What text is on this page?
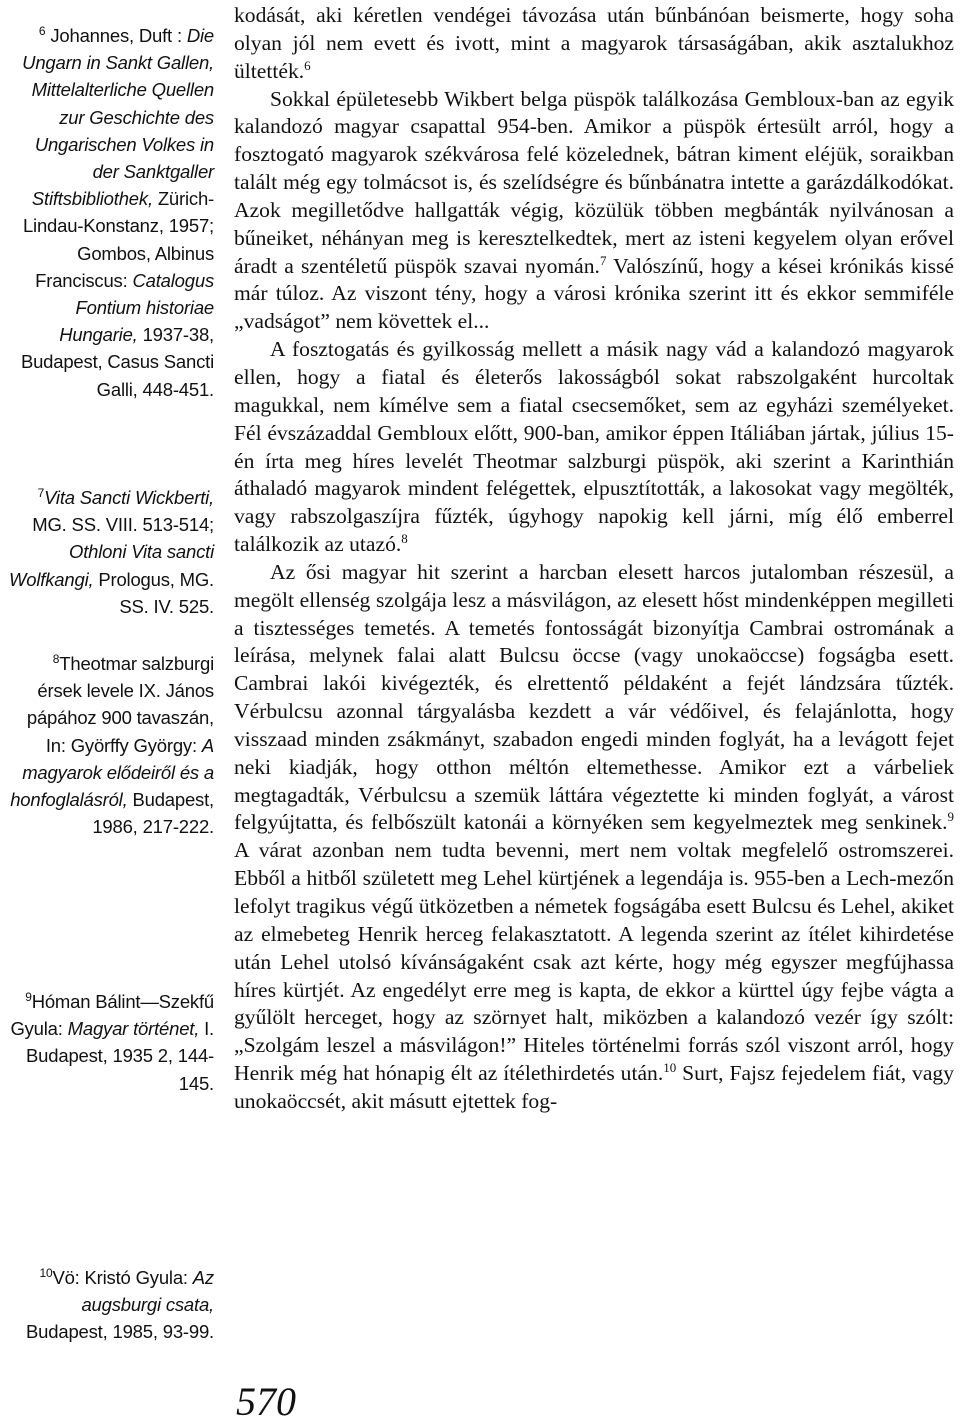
$^6$ Johannes, Duft : Die Ungarn in Sankt Gallen, Mittelalterliche Quellen zur Geschichte des Ungarischen Volkes in der Sanktgaller Stiftsbibliothek, Zürich-Lindau-Konstanz, 1957; Gombos, Albinus Franciscus: Catalogus Fontium historiae Hungarie, 1937-38, Budapest, Casus Sancti Galli, 448-451.

$^7$Vita Sancti Wickberti, MG. SS. VIII. 513-514; Othloni Vita sancti Wolfkangi, Prologus, MG. SS. IV. 525.

$^8$Theotmar salzburgi érsek levele IX. János pápához 900 tavaszán, In: Györffy György: A magyarok elődeiről és a honfoglalásról, Budapest, 1986, 217-222.

$^9$Hóman Bálint—Szekfű Gyula: Magyar történet, I. Budapest, 1935 2, 144-145.

$^{10}$Vö: Kristó Gyula: Az augsburgi csata, Budapest, 1985, 93-99.

kodását, aki kéretlen vendégei távozása után bűnbánóan beismerte, hogy soha olyan jól nem evett és ivott, mint a magyarok társaságában, akik asztalukhoz ültették.$^6$

Sokkal épületesebb Wikbert belga püspök találkozása Gembloux-ban az egyik kalandozó magyar csapattal 954-ben. Amikor a püspök értesült arról, hogy a fosztogató magyarok székvárosa felé közelednek, bátran kiment eléjük, soraikban talált még egy tolmácsot is, és szelídségre és bűnbánatra intette a garázdálkodókat. Azok megilletődve hallgatták végig, közülük többen megbánták nyilvánosan a bűneiket, néhányan meg is keresztelkedtek, mert az isteni kegyelem olyan erővel áradt a szentéletű püspök szavai nyomán.$^7$ Valószínű, hogy a kései krónikás kissé már túloz. Az viszont tény, hogy a városi krónika szerint itt és ekkor semmiféle „vadságot” nem követtek el...

A fosztogatás és gyilkosság mellett a másik nagy vád a kalandozó magyarok ellen, hogy a fiatal és életerős lakosságból sokat rabszolgaként hurcoltak magukkal, nem kímélve sem a fiatal csecsemőket, sem az egyházi személyeket. Fél évszázaddal Gembloux előtt, 900-ban, amikor éppen Itáliában jártak, július 15-én írta meg híres levelét Theotmar salzburgi püspök, aki szerint a Karinthián áthaladó magyarok mindent felégettek, elpusztították, a lakosokat vagy megölték, vagy rabszolgaszíjra fűzték, úgyhogy napokig kell járni, míg élő emberrel találkozik az utazó.$^8$

Az ősi magyar hit szerint a harcban elesett harcos jutalomban részesül, a megölt ellenség szolgája lesz a másvilágon, az elesett hőst mindenképpen megilleti a tisztességes temetés. A temetés fontosságát bizonyítja Cambrai ostromának a leírása, melynek falai alatt Bulcsu öccse (vagy unokaöccse) fogságba esett. Cambrai lakói kivégezték, és elrettentő példaként a fejét lándzsára tűzték. Vérbulcsu azonnal tárgyalásba kezdett a vár védőivel, és felajánlotta, hogy visszaad minden zsákmányt, szabadon engedi minden foglyát, ha a levágott fejet neki kiadják, hogy otthon méltón eltemethesse. Amikor ezt a várbeliek megtagadták, Vérbulcsu a szemük láttára végeztette ki minden foglyát, a várost felgyújtatta, és felbőszült katonái a környéken sem kegyelmeztek meg senkinek.$^9$ A várat azonban nem tudta bevenni, mert nem voltak megfelelő ostromszerei. Ebből a hitből született meg Lehel kürtjének a legendája is. 955-ben a Lech-mezőn lefolyt tragikus végű ütközetben a németek fogságába esett Bulcsu és Lehel, akiket az elmebeteg Henrik herceg felakasztatott. A legenda szerint az ítélet kihirdetése után Lehel utolsó kívánságaként csak azt kérte, hogy még egyszer megfújhassa híres kürtjét. Az engedélyt erre meg is kapta, de ekkor a kürttel úgy fejbe vágta a gyűlölt herceget, hogy az szörnyet halt, miközben a kalandozó vezér így szólt: „Szolgám leszel a másvilágon!” Hiteles történelmi forrás szól viszont arról, hogy Henrik még hat hónapig élt az ítélethirdetés után.$^{10}$ Surt, Fajsz fejedelem fiát, vagy unokaöccsét, akit másutt ejtettek fog-

570
